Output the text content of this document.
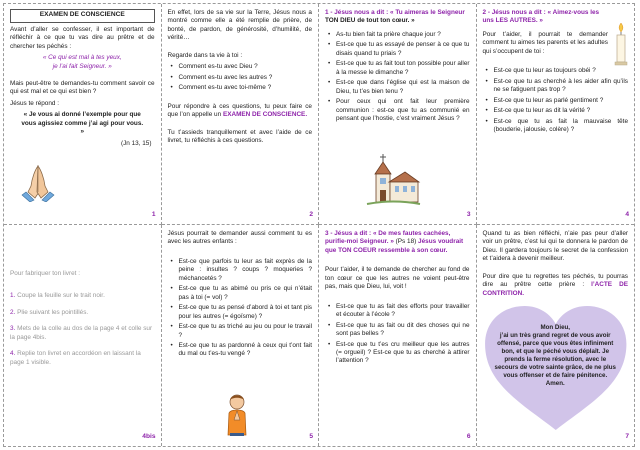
EXAMEN DE CONSCIENCE

Avant d’aller se confesser, il est important de réfléchir à ce que tu vas dire au prêtre et de chercher tes péchés :

« Ce qui est mal à tes yeux,
je l’ai fait Seigneur. »

Mais peut-être te demandes-tu comment savoir ce qui est mal et ce qui est bien ?

Jésus te répond :

« Je vous ai donné l’exemple pour que vous agissiez comme j’ai agi pour vous. »

(Jn 13, 15)

1

En effet, lors de sa vie sur la Terre, Jésus nous a montré comme elle a été remplie de prière, de bonté, de pardon, de générosité, d’humilité, de vérité…

Regarde dans ta vie à toi :

• Comment es-tu avec Dieu ?
• Comment es-tu avec les autres ?
• Comment es-tu avec toi-même ?

Pour répondre à ces questions, tu peux faire ce que l’on appelle un EXAMEN DE CONSCIENCE.

Tu t’assieds tranquillement et avec l’aide de ce livret, tu réfléchis à ces questions.

2

1 - Jésus nous a dit : « Tu aimeras le Seigneur TON DIEU de tout ton cœur. »

• As-tu bien fait ta prière chaque jour ?
• Est-ce que tu as essayé de penser à ce que tu disais quand tu priais ?
• Est-ce que tu as fait tout ton possible pour aller à la messe le dimanche ?
• Est-ce que dans l’église qui est la maison de Dieu, tu t’es bien tenu ?
• Pour ceux qui ont fait leur première communion : est-ce que tu as communié en pensant que l’hostie, c’est vraiment Jésus ?
3

2 - Jésus nous a dit : « Aimez-vous les uns LES AUTRES. »

Pour t’aider, il pourrait te demander comment tu aimes tes parents et les adultes qui s’occupent de toi :

• Est-ce que tu leur as toujours obéi ?
• Est-ce que tu as cherché à les aider afin qu’ils ne se fatiguent pas trop ?
• Est-ce que tu leur as parlé gentiment ?
• Est-ce que tu leur as dit la vérité ?
• Est-ce que tu as fait la mauvaise tête (bouderie, jalousie, colère) ?
4

Pour fabriquer ton livret :

1. Coupe la feuille sur le trait noir.

2. Plie suivant les pointillés.

3. Mets de la colle au dos de la page 4 et colle sur la page 4bis.

4. Replie ton livret en accordéon en laissant la page 1 visible.

4bis

Jésus pourrait te demander aussi comment tu es avec les autres enfants :

• Est-ce que parfois tu leur as fait exprès de la peine : insultes ? coups ? moqueries ? méchancetés ?
• Est-ce que tu as abimé ou pris ce qui n’était pas à toi (= vol) ?
• Est-ce que tu as pensé d’abord à toi et tant pis pour les autres (= égoïsme) ?
• Est-ce que tu as triché au jeu ou pour le travail ?
• Est-ce que tu as pardonné à ceux qui t’ont fait du mal ou t’es-tu vengé ?
5

3 - Jésus a dit : « De mes fautes cachées, purifie-moi Seigneur. » (Ps 18) Jésus voudrait que TON COEUR ressemble à son cœur.

Pour t’aider, il te demande de chercher au fond de ton cœur ce que les autres ne voient peut-être pas, mais que Dieu, lui, voit !

• Est-ce que tu as fait des efforts pour travailler et écouter à l’école ?
• Est-ce que tu as fait ou dit des choses qui ne sont pas belles ?
• Est-ce que tu t’es cru meilleur que les autres (= orgueil) ? Est-ce que tu as cherché à attirer l’attention ?
6

Quand tu as bien réfléchi, n’aie pas peur d’aller voir un prêtre, c’est lui qui te donnera le pardon de Dieu. Il gardera toujours le secret de la confession et t’aidera à devenir meilleur.

Pour dire que tu regrettes tes péchés, tu pourras dire au prêtre cette prière : l’ACTE DE CONTRITION.

Mon Dieu,
j’ai un très grand regret de vous avoir offensé, parce que vous êtes infiniment bon, et que le péché vous déplaît. Je prends la ferme résolution, avec le secours de votre sainte grâce, de ne plus vous offenser et de faire pénitence.
Amen.
7
